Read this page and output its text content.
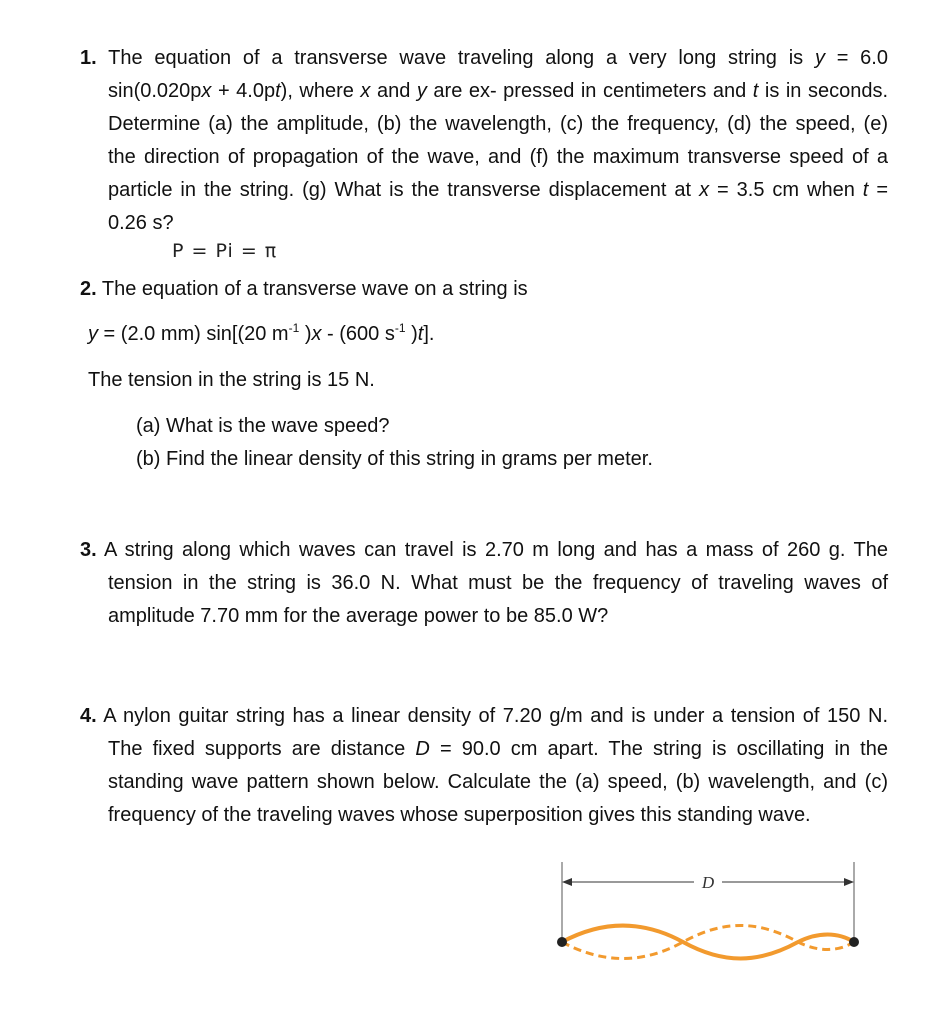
1. The equation of a transverse wave traveling along a very long string is y = 6.0 sin(0.020px + 4.0pt), where x and y are ex- pressed in centimeters and t is in seconds. Determine (a) the amplitude, (b) the wavelength, (c) the frequency, (d) the speed, (e) the direction of propagation of the wave, and (f) the maximum transverse speed of a particle in the string. (g) What is the transverse displacement at x = 3.5 cm when t = 0.26 s?
P = Pi = π
2. The equation of a transverse wave on a string is
y = (2.0 mm) sin[(20 $m^{-1}$ )x - (600 $s^{-1}$ )t].
The tension in the string is 15 N.
(a) What is the wave speed?
(b) Find the linear density of this string in grams per meter.
3. A string along which waves can travel is 2.70 m long and has a mass of 260 g. The tension in the string is 36.0 N. What must be the frequency of traveling waves of amplitude 7.70 mm for the average power to be 85.0 W?
4. A nylon guitar string has a linear density of 7.20 g/m and is under a tension of 150 N. The fixed supports are distance D = 90.0 cm apart. The string is oscillating in the standing wave pattern shown below. Calculate the (a) speed, (b) wavelength, and (c) frequency of the traveling waves whose superposition gives this standing wave.
D
